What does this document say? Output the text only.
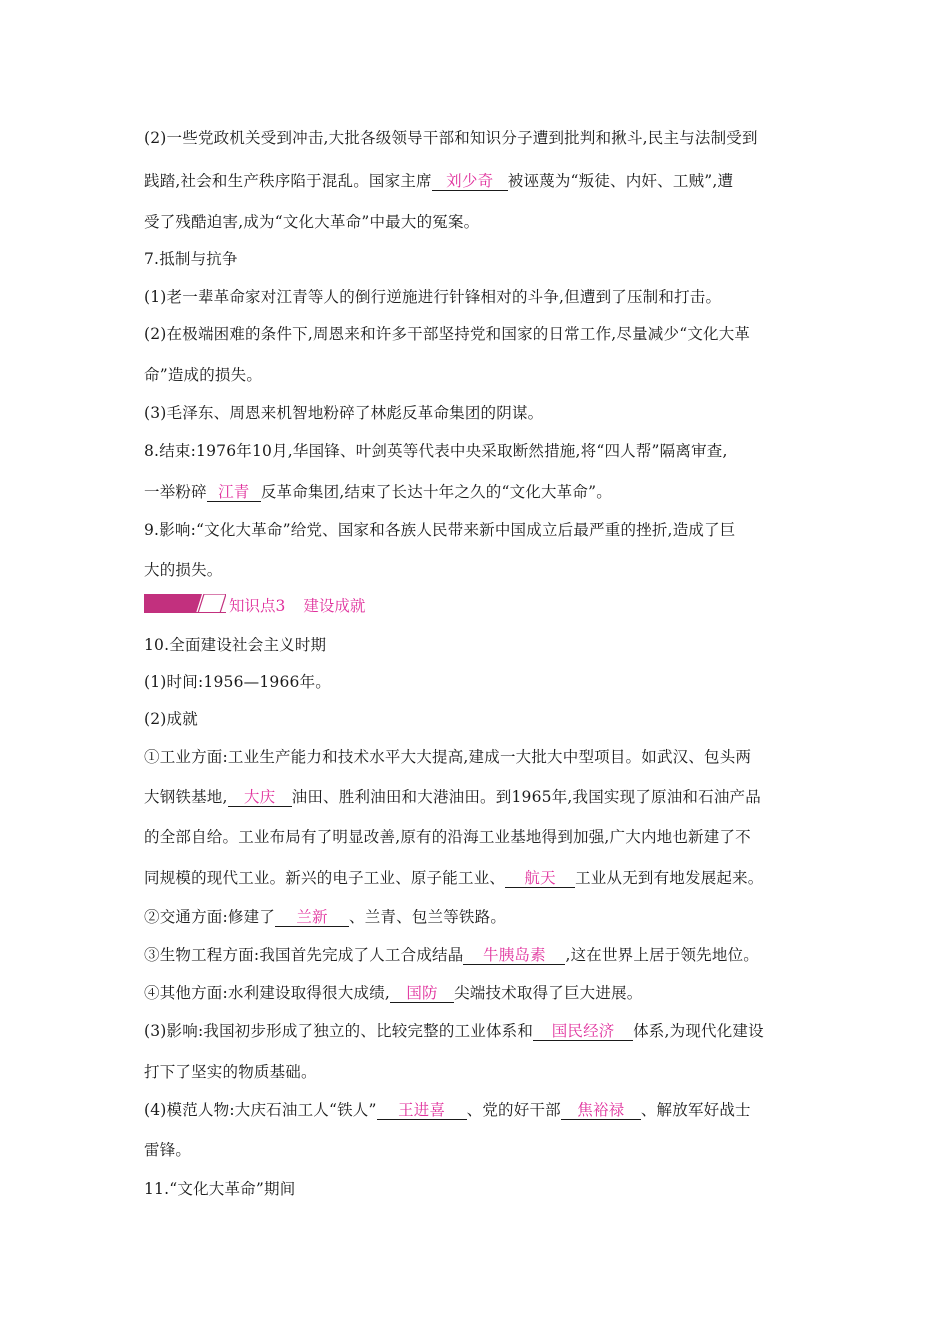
(2)一些党政机关受到冲击,大批各级领导干部和知识分子遭到批判和揪斗,民主与法制受到
践踏,社会和生产秩序陷于混乱。国家主席 刘少奇 被诬蔑为“叛徒、内奸、工贼”,遭
受了残酷迫害,成为“文化大革命”中最大的冤案。
7.抵制与抗争
(1)老一辈革命家对江青等人的倒行逆施进行针锋相对的斗争,但遭到了压制和打击。
(2)在极端困难的条件下,周恩来和许多干部坚持党和国家的日常工作,尽量减少“文化大革
命”造成的损失。
(3)毛泽东、周恩来机智地粉碎了林彪反革命集团的阴谋。
8.结束:1976年10月,华国锋、叶剑英等代表中央采取断然措施,将“四人帮”隔离审查,
一举粉碎 江青 反革命集团,结束了长达十年之久的“文化大革命”。
9.影响:“文化大革命”给党、国家和各族人民带来新中国成立后最严重的挫折,造成了巨
大的损失。
知识点3 建设成就
10.全面建设社会主义时期
(1)时间:1956—1966年。
(2)成就
①工业方面:工业生产能力和技术水平大大提高,建成一大批大中型项目。如武汉、包头两
大钢铁基地, 大庆 油田、胜利油田和大港油田。到1965年,我国实现了原油和石油产品
的全部自给。工业布局有了明显改善,原有的沿海工业基地得到加强,广大内地也新建了不
同规模的现代工业。新兴的电子工业、原子能工业、 航天 工业从无到有地发展起来。
②交通方面:修建了 兰新 、兰青、包兰等铁路。
③生物工程方面:我国首先完成了人工合成结晶 牛胰岛素 ,这在世界上居于领先地位。
④其他方面:水利建设取得很大成绩, 国防 尖端技术取得了巨大进展。
(3)影响:我国初步形成了独立的、比较完整的工业体系和 国民经济 体系,为现代化建设
打下了坚实的物质基础。
(4)模范人物:大庆石油工人“铁人” 王进喜 、党的好干部 焦裕禄 、解放军好战士
雷锋。
11.“文化大革命”期间
